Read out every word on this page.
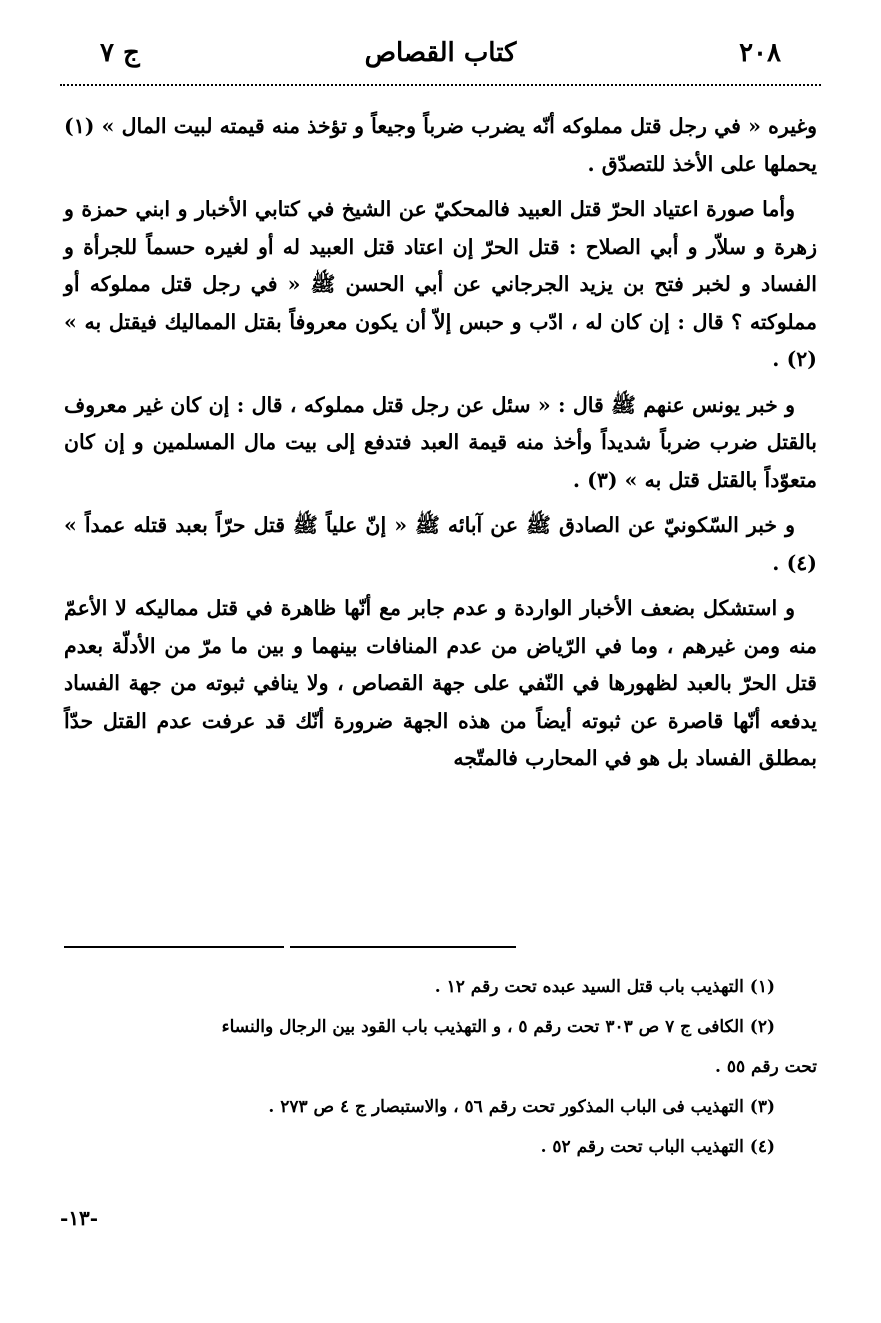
٢٠٨
كتاب القصاص
ج ٧

وغيره « في رجل قتل مملوكه أنّه يضرب ضرباً وجيعاً و تؤخذ منه قيمته لبيت المال » (١) يحملها على الأخذ للتصدّق .

وأما صورة اعتياد الحرّ قتل العبيد فالمحكيّ عن الشيخ في كتابي الأخبار و ابني حمزة و زهرة و سلاّر و أبي الصلاح : قتل الحرّ إن اعتاد قتل العبيد له أو لغيره حسماً للجرأة و الفساد و لخبر فتح بن يزيد الجرجاني عن أبي الحسن ﷺ « في رجل قتل مملوكه أو مملوكته ؟ قال : إن كان له ، ادّب و حبس إلاّ أن يكون معروفاً بقتل المماليك فيقتل به » (٢) .

و خبر يونس عنهم ﷺ قال : « سئل عن رجل قتل مملوكه ، قال : إن كان غير معروف بالقتل ضرب ضرباً شديداً وأخذ منه قيمة العبد فتدفع إلى بيت مال المسلمين و إن كان متعوّداً بالقتل قتل به » (٣) .

و خبر السّكونيّ عن الصادق ﷺ عن آبائه ﷺ « إنّ علياً ﷺ قتل حرّاً بعبد قتله عمداً » (٤) .

و استشكل بضعف الأخبار الواردة و عدم جابر مع أنّها ظاهرة في قتل مماليكه لا الأعمّ منه ومن غيرهم ، وما في الرّياض من عدم المنافات بينهما و بين ما مرّ من الأدلّة بعدم قتل الحرّ بالعبد لظهورها في النّفي على جهة القصاص ، ولا ينافي ثبوته من جهة الفساد يدفعه أنّها قاصرة عن ثبوته أيضاً من هذه الجهة ضرورة أنّك قد عرفت عدم القتل حدّاً بمطلق الفساد بل هو في المحارب فالمتّجه

(١) التهذيب باب قتل السيد عبده تحت رقم ١٢ .

(٢) الكافى ج ٧ ص ٣٠٣ تحت رقم ٥ ، و التهذيب باب القود بين الرجال والنساء

تحت رقم ٥٥ .

(٣) التهذيب فى الباب المذكور تحت رقم ٥٦ ، والاستبصار ج ٤ ص ٢٧٣ .

(٤) التهذيب الباب تحت رقم ٥٢ .

-١٣-
